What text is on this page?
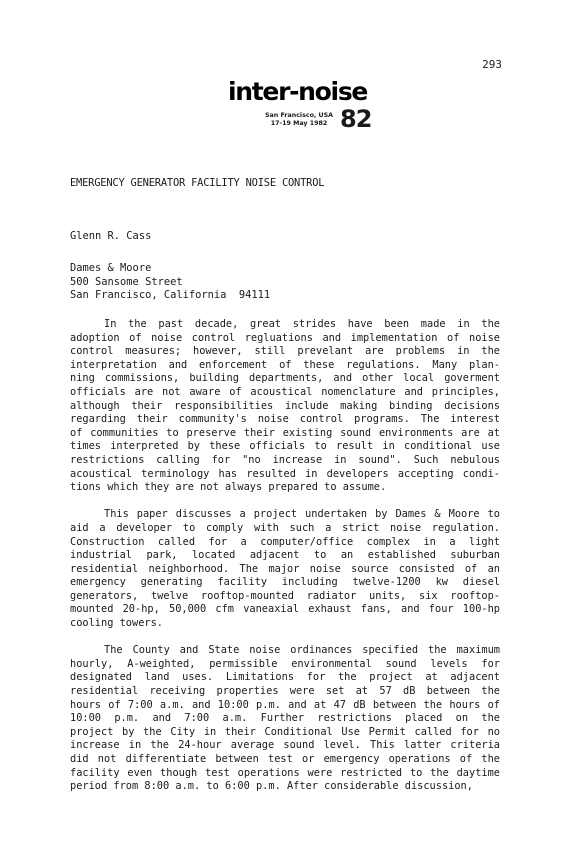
293
inter-noise
San Francisco, USA
17-19 May 1982 82
EMERGENCY GENERATOR FACILITY NOISE CONTROL
Glenn R. Cass
Dames & Moore
500 Sansome Street
San Francisco, California  94111
In the past decade, great strides have been made in the
adoption of noise control regluations and implementation of noise
control measures; however, still prevelant are problems in the
interpretation and enforcement of these regulations. Many plan-
ning commissions, building departments, and other local goverment
officials are not aware of acoustical nomenclature and principles,
although their responsibilities include making binding decisions
regarding their community's noise control programs. The interest
of communities to preserve their existing sound environments are at
times interpreted by these officials to result in conditional use
restrictions calling for "no increase in sound". Such nebulous
acoustical terminology has resulted in developers accepting condi-
tions which they are not always prepared to assume.
This paper discusses a project undertaken by Dames & Moore to
aid a developer to comply with such a strict noise regulation.
Construction called for a computer/office complex in a light
industrial park, located adjacent to an established suburban
residential neighborhood. The major noise source consisted of an
emergency generating facility including twelve-1200 kw diesel
generators, twelve rooftop-mounted radiator units, six rooftop-
mounted 20-hp, 50,000 cfm vaneaxial exhaust fans, and four 100-hp
cooling towers.
The County and State noise ordinances specified the maximum
hourly, A-weighted, permissible environmental sound levels for
designated land uses. Limitations for the project at adjacent
residential receiving properties were set at 57 dB between the
hours of 7:00 a.m. and 10:00 p.m. and at 47 dB between the hours of
10:00 p.m. and 7:00 a.m. Further restrictions placed on the
project by the City in their Conditional Use Permit called for no
increase in the 24-hour average sound level. This latter criteria
did not differentiate between test or emergency operations of the
facility even though test operations were restricted to the daytime
period from 8:00 a.m. to 6:00 p.m. After considerable discussion,
